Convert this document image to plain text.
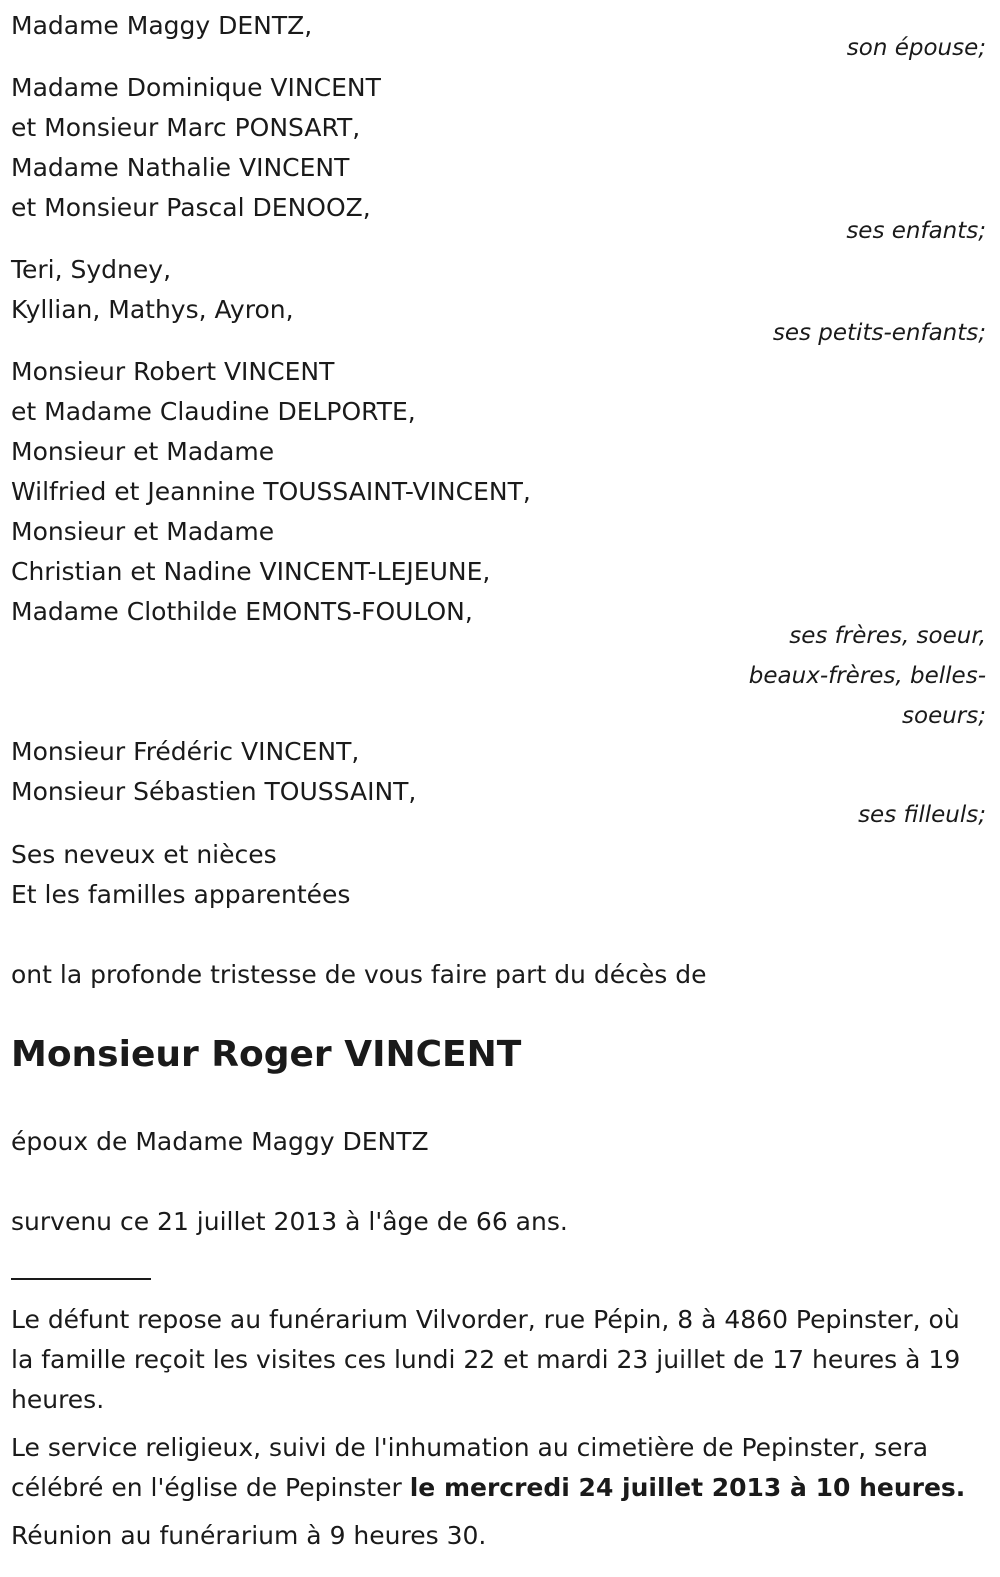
Madame Maggy DENTZ,
son épouse;
Madame Dominique VINCENT
et Monsieur Marc PONSART,
Madame Nathalie VINCENT
et Monsieur Pascal DENOOZ,
ses enfants;
Teri, Sydney,
Kyllian, Mathys, Ayron,
ses petits-enfants;
Monsieur Robert VINCENT
et Madame Claudine DELPORTE,
Monsieur et Madame
Wilfried et Jeannine TOUSSAINT-VINCENT,
Monsieur et Madame
Christian et Nadine VINCENT-LEJEUNE,
Madame Clothilde EMONTS-FOULON,
ses frères, soeur,
beaux-frères, belles-
soeurs;
Monsieur Frédéric VINCENT,
Monsieur Sébastien TOUSSAINT,
ses filleuls;
Ses neveux et nièces
Et les familles apparentées
ont la profonde tristesse de vous faire part du décès de
Monsieur Roger VINCENT
époux de Madame Maggy DENTZ
survenu ce 21 juillet 2013 à l'âge de 66 ans.
Le défunt repose au funérarium Vilvorder, rue Pépin, 8 à 4860 Pepinster, où la famille reçoit les visites ces lundi 22 et mardi 23 juillet de 17 heures à 19 heures.
Le service religieux, suivi de l'inhumation au cimetière de Pepinster, sera célébré en l'église de Pepinster le mercredi 24 juillet 2013 à 10 heures.
Réunion au funérarium à 9 heures 30.
